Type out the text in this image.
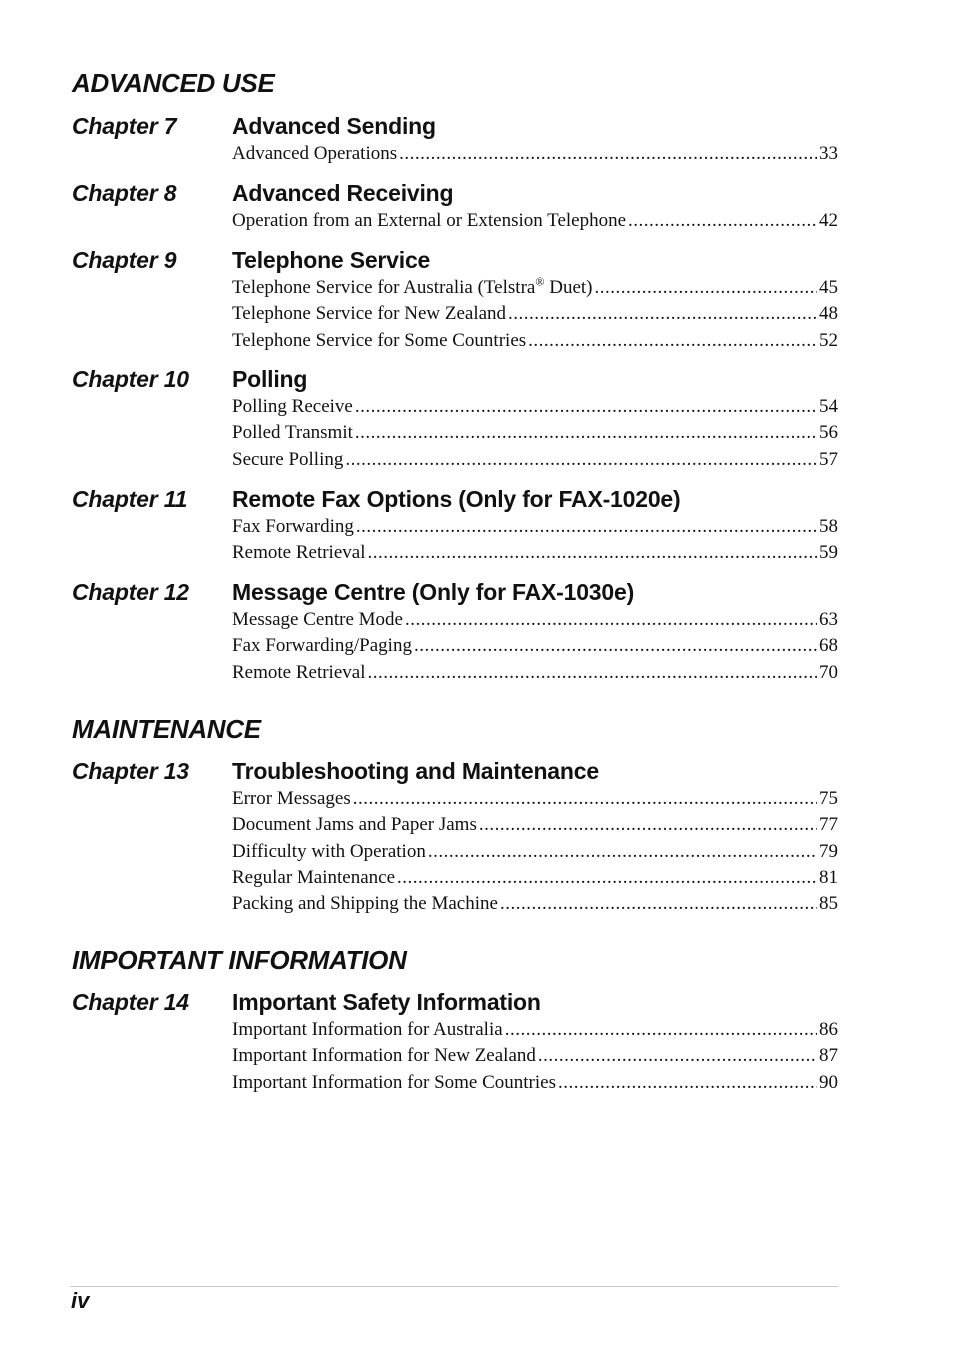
ADVANCED USE
Chapter 7	Advanced Sending
Advanced Operations .....	33
Chapter 8	Advanced Receiving
Operation from an External or Extension Telephone .....	42
Chapter 9	Telephone Service
Telephone Service for Australia (Telstra® Duet) .....	45
Telephone Service for New Zealand .....	48
Telephone Service for Some Countries .....	52
Chapter 10	Polling
Polling Receive .....	54
Polled Transmit .....	56
Secure Polling .....	57
Chapter 11	Remote Fax Options (Only for FAX-1020e)
Fax Forwarding .....	58
Remote Retrieval .....	59
Chapter 12	Message Centre (Only for FAX-1030e)
Message Centre Mode .....	63
Fax Forwarding/Paging .....	68
Remote Retrieval .....	70
MAINTENANCE
Chapter 13	Troubleshooting and Maintenance
Error Messages .....	75
Document Jams and Paper Jams .....	77
Difficulty with Operation .....	79
Regular Maintenance .....	81
Packing and Shipping the Machine .....	85
IMPORTANT INFORMATION
Chapter 14	Important Safety Information
Important Information for Australia .....	86
Important Information for New Zealand .....	87
Important Information for Some Countries .....	90
iv
